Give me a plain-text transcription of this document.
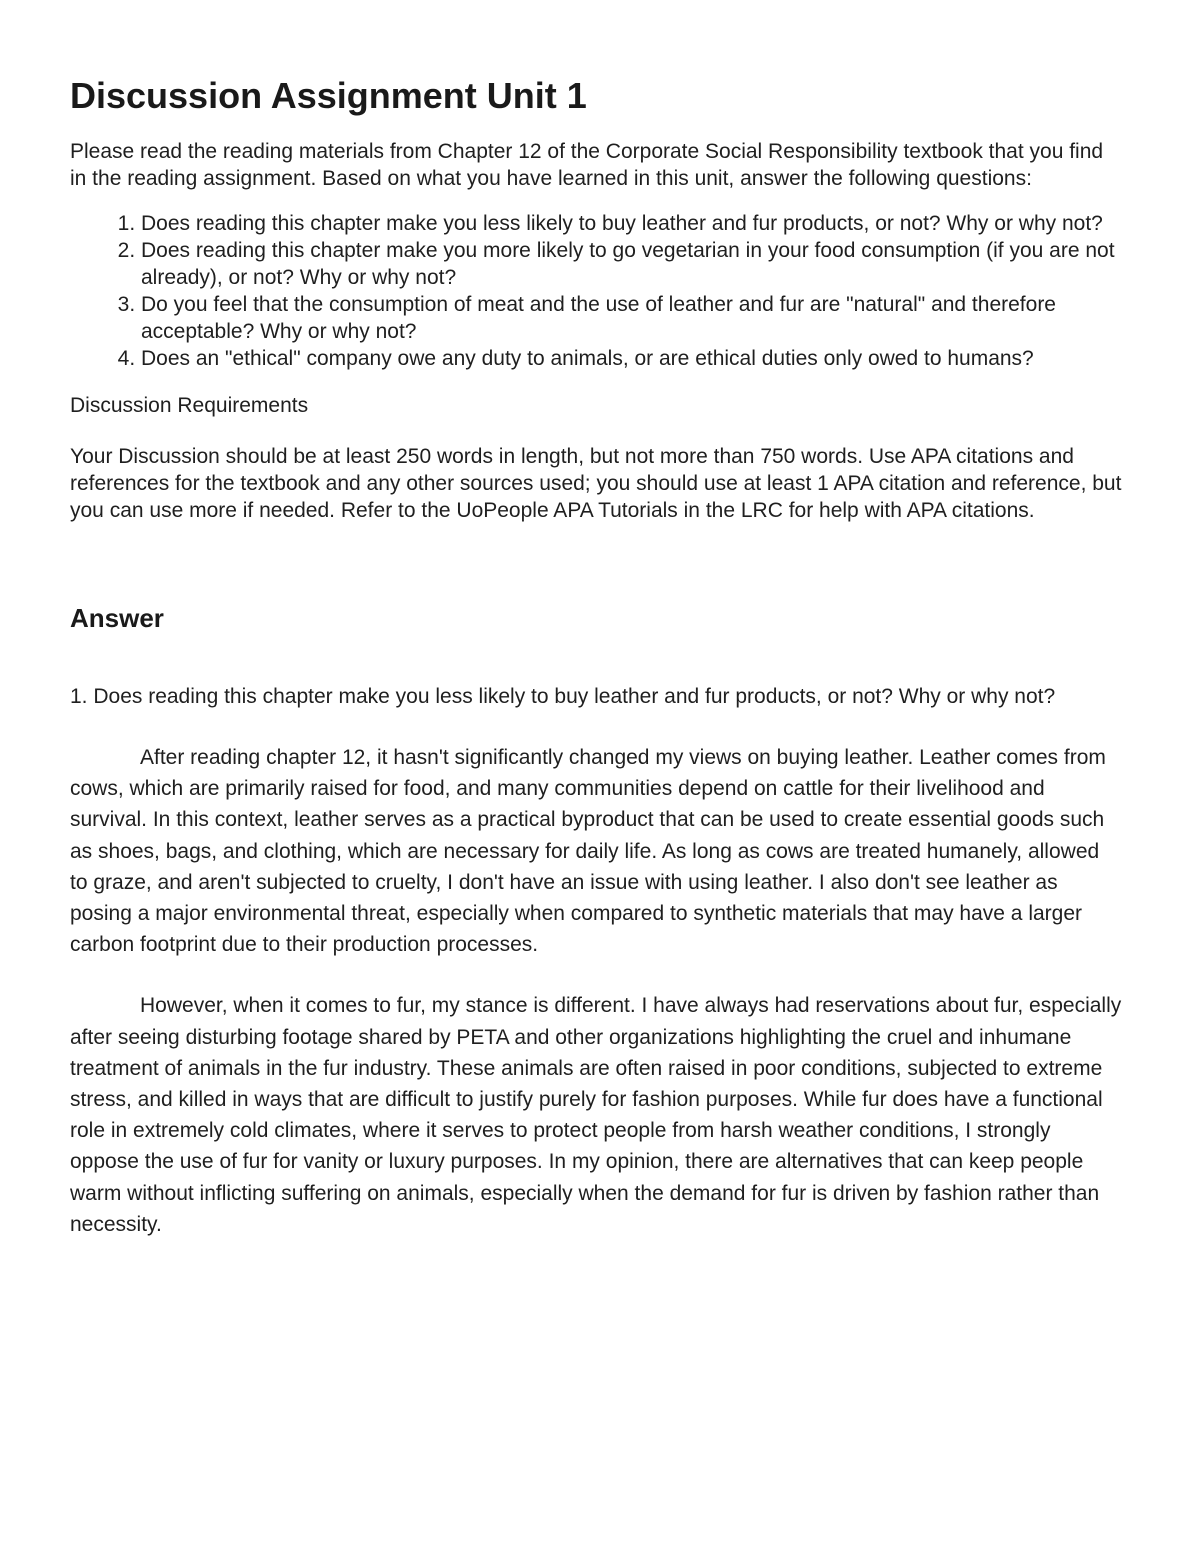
Discussion Assignment Unit 1

Please read the reading materials from Chapter 12 of the Corporate Social Responsibility textbook that you find in the reading assignment. Based on what you have learned in this unit, answer the following questions:

1. Does reading this chapter make you less likely to buy leather and fur products, or not? Why or why not?
2. Does reading this chapter make you more likely to go vegetarian in your food consumption (if you are not already), or not? Why or why not?
3. Do you feel that the consumption of meat and the use of leather and fur are "natural" and therefore acceptable? Why or why not?
4. Does an "ethical" company owe any duty to animals, or are ethical duties only owed to humans?

Discussion Requirements

Your Discussion should be at least 250 words in length, but not more than 750 words. Use APA citations and references for the textbook and any other sources used; you should use at least 1 APA citation and reference, but you can use more if needed. Refer to the UoPeople APA Tutorials in the LRC for help with APA citations.

Answer

1. Does reading this chapter make you less likely to buy leather and fur products, or not? Why or why not?

After reading chapter 12, it hasn't significantly changed my views on buying leather. Leather comes from cows, which are primarily raised for food, and many communities depend on cattle for their livelihood and survival. In this context, leather serves as a practical byproduct that can be used to create essential goods such as shoes, bags, and clothing, which are necessary for daily life. As long as cows are treated humanely, allowed to graze, and aren't subjected to cruelty, I don't have an issue with using leather. I also don't see leather as posing a major environmental threat, especially when compared to synthetic materials that may have a larger carbon footprint due to their production processes.

However, when it comes to fur, my stance is different. I have always had reservations about fur, especially after seeing disturbing footage shared by PETA and other organizations highlighting the cruel and inhumane treatment of animals in the fur industry. These animals are often raised in poor conditions, subjected to extreme stress, and killed in ways that are difficult to justify purely for fashion purposes. While fur does have a functional role in extremely cold climates, where it serves to protect people from harsh weather conditions, I strongly oppose the use of fur for vanity or luxury purposes. In my opinion, there are alternatives that can keep people warm without inflicting suffering on animals, especially when the demand for fur is driven by fashion rather than necessity.
